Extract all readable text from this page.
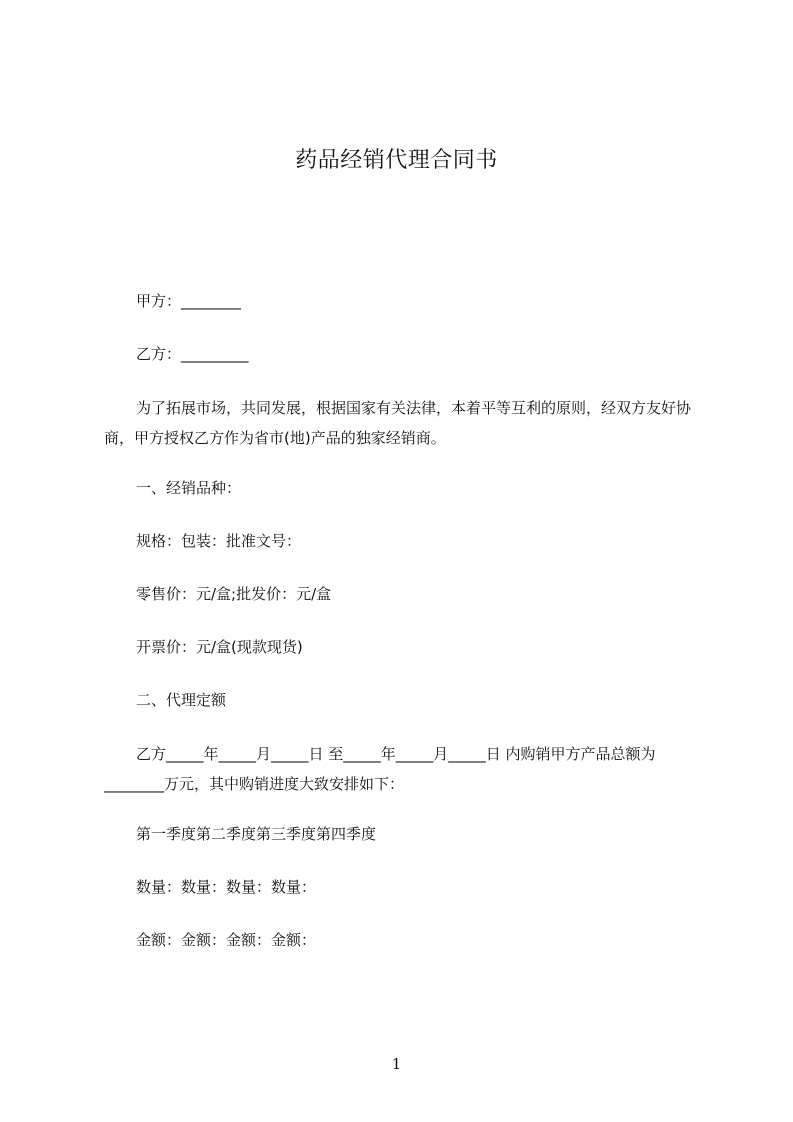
药品经销代理合同书
甲方：________
乙方：_________
为了拓展市场，共同发展，根据国家有关法律，本着平等互利的原则，经双方友好协商，甲方授权乙方作为省市(地)产品的独家经销商。
一、经销品种：
规格：包装：批准文号：
零售价：元/盒;批发价：元/盒
开票价：元/盒(现款现货)
二、代理定额
乙方_____年_____月_____日 至_____年_____月_____日 内购销甲方产品总额为________万元，其中购销进度大致安排如下：
第一季度第二季度第三季度第四季度
数量：数量：数量：数量：
金额：金额：金额：金额：
1
